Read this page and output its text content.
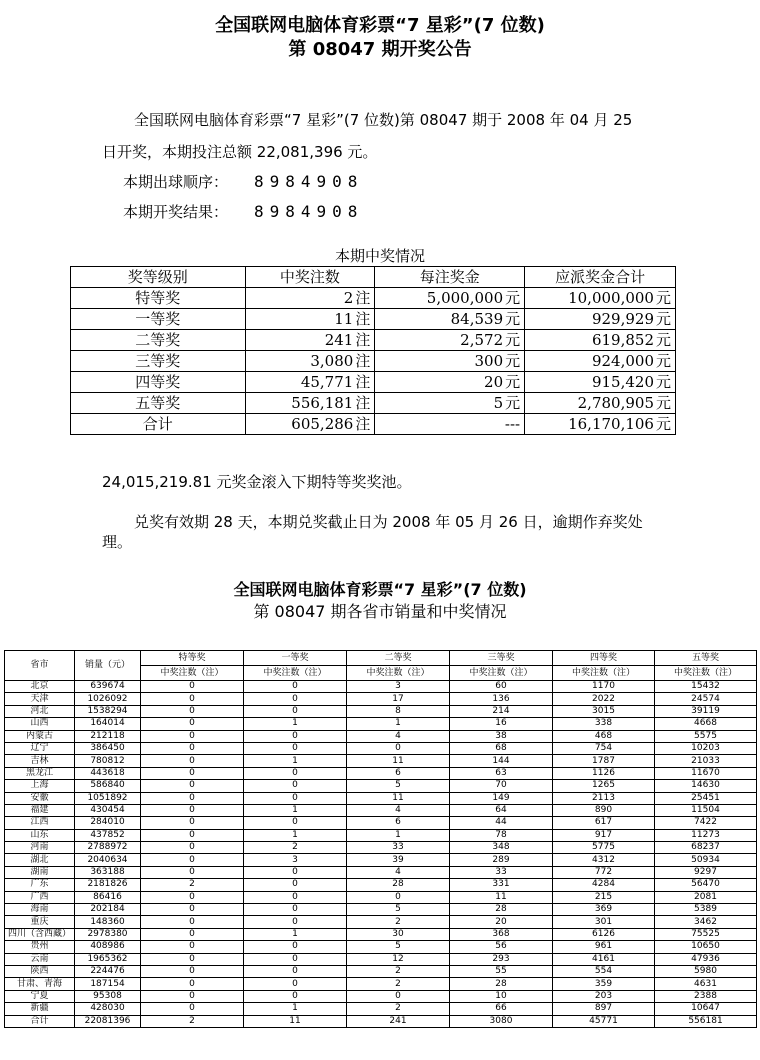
全国联网电脑体育彩票“7 星彩”(7 位数)
第 08047 期开奖公告
全国联网电脑体育彩票“7 星彩”(7 位数)第 08047 期于 2008 年 04 月 25
日开奖，本期投注总额 22,081,396 元。
本期出球顺序： 8984908
本期开奖结果： 8984908
本期中奖情况
奖等级别	中奖注数	每注奖金	应派奖金合计
特等奖	2 注	5,000,000 元	10,000,000 元
一等奖	11 注	84,539 元	929,929 元
二等奖	241 注	2,572 元	619,852 元
三等奖	3,080 注	300 元	924,000 元
四等奖	45,771 注	20 元	915,420 元
五等奖	556,181 注	5 元	2,780,905 元
合计	605,286 注	---	16,170,106 元
24,015,219.81 元奖金滚入下期特等奖奖池。
兑奖有效期 28 天，本期兑奖截止日为 2008 年 05 月 26 日，逾期作弃奖处
理。
全国联网电脑体育彩票“7 星彩”(7 位数)
第 08047 期各省市销量和中奖情况
省市	销量（元）	特等奖	一等奖	二等奖	三等奖	四等奖	五等奖
		中奖注数（注）	中奖注数（注）	中奖注数（注）	中奖注数（注）	中奖注数（注）	中奖注数（注）
北京	639674	0	0	3	60	1170	15432
天津	1026092	0	0	17	136	2022	24574
河北	1538294	0	0	8	214	3015	39119
山西	164014	0	1	1	16	338	4668
内蒙古	212118	0	0	4	38	468	5575
辽宁	386450	0	0	0	68	754	10203
吉林	780812	0	1	11	144	1787	21033
黑龙江	443618	0	0	6	63	1126	11670
上海	586840	0	0	5	70	1265	14630
安徽	1051892	0	0	11	149	2113	25451
福建	430454	0	1	4	64	890	11504
江西	284010	0	0	6	44	617	7422
山东	437852	0	1	1	78	917	11273
河南	2788972	0	2	33	348	5775	68237
湖北	2040634	0	3	39	289	4312	50934
湖南	363188	0	0	4	33	772	9297
广东	2181826	2	0	28	331	4284	56470
广西	86416	0	0	0	11	215	2081
海南	202184	0	0	5	28	369	5389
重庆	148360	0	0	2	20	301	3462
四川（含西藏）	2978380	0	1	30	368	6126	75525
贵州	408986	0	0	5	56	961	10650
云南	1965362	0	0	12	293	4161	47936
陕西	224476	0	0	2	55	554	5980
甘肃、青海	187154	0	0	2	28	359	4631
宁夏	95308	0	0	0	10	203	2388
新疆	428030	0	1	2	66	897	10647
合计	22081396	2	11	241	3080	45771	556181
